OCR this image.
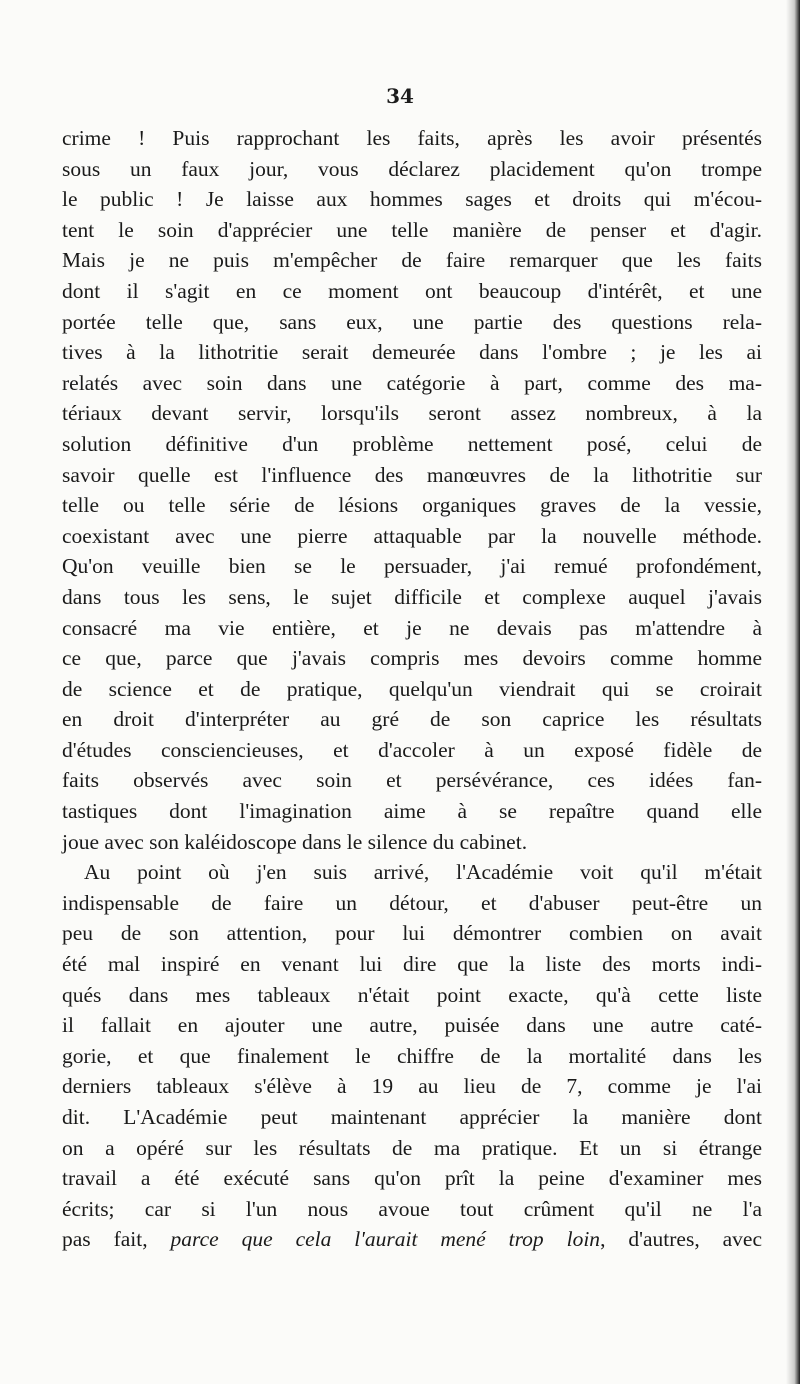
34
crime ! Puis rapprochant les faits, après les avoir présentés
sous un faux jour, vous déclarez placidement qu'on trompe
le public ! Je laisse aux hommes sages et droits qui m'écou-
tent le soin d'apprécier une telle manière de penser et d'agir.
Mais je ne puis m'empêcher de faire remarquer que les faits
dont il s'agit en ce moment ont beaucoup d'intérêt, et une
portée telle que, sans eux, une partie des questions rela-
tives à la lithotritie serait demeurée dans l'ombre ; je les ai
relatés avec soin dans une catégorie à part, comme des ma-
tériaux devant servir, lorsqu'ils seront assez nombreux, à la
solution définitive d'un problème nettement posé, celui de
savoir quelle est l'influence des manœuvres de la lithotritie sur
telle ou telle série de lésions organiques graves de la vessie,
coexistant avec une pierre attaquable par la nouvelle méthode.
Qu'on veuille bien se le persuader, j'ai remué profondément,
dans tous les sens, le sujet difficile et complexe auquel j'avais
consacré ma vie entière, et je ne devais pas m'attendre à
ce que, parce que j'avais compris mes devoirs comme homme
de science et de pratique, quelqu'un viendrait qui se croirait
en droit d'interpréter au gré de son caprice les résultats
d'études consciencieuses, et d'accoler à un exposé fidèle de
faits observés avec soin et persévérance, ces idées fan-
tastiques dont l'imagination aime à se repaître quand elle
joue avec son kaléidoscope dans le silence du cabinet.
Au point où j'en suis arrivé, l'Académie voit qu'il m'était
indispensable de faire un détour, et d'abuser peut-être un
peu de son attention, pour lui démontrer combien on avait
été mal inspiré en venant lui dire que la liste des morts indi-
qués dans mes tableaux n'était point exacte, qu'à cette liste
il fallait en ajouter une autre, puisée dans une autre caté-
gorie, et que finalement le chiffre de la mortalité dans les
derniers tableaux s'élève à 19 au lieu de 7, comme je l'ai
dit. L'Académie peut maintenant apprécier la manière dont
on a opéré sur les résultats de ma pratique. Et un si étrange
travail a été exécuté sans qu'on prît la peine d'examiner mes
écrits; car si l'un nous avoue tout crûment qu'il ne l'a
pas fait, parce que cela l'aurait mené trop loin, d'autres, avec
